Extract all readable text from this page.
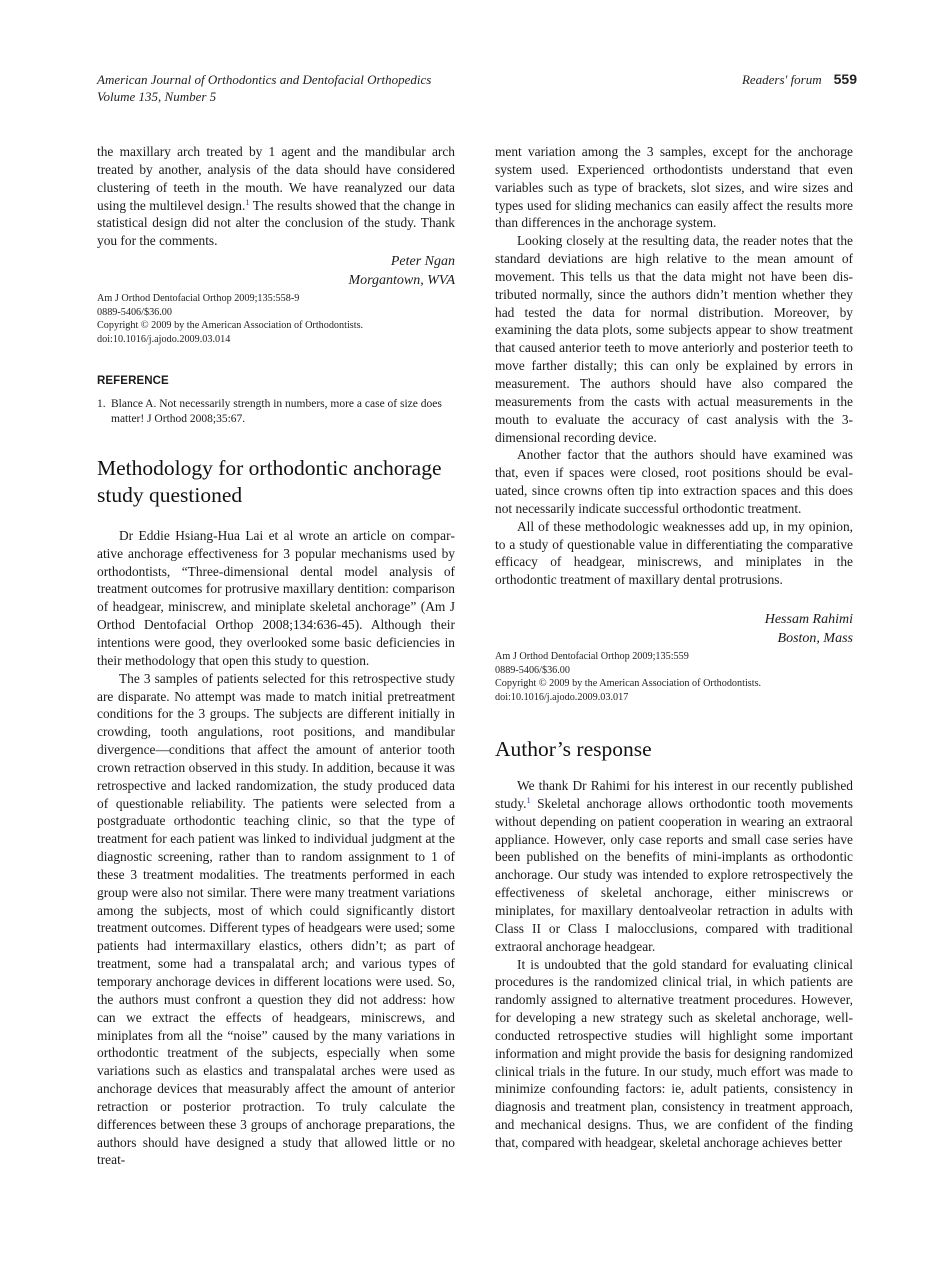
American Journal of Orthodontics and Dentofacial Orthopedics
Volume 135, Number 5
Readers' forum 559

the maxillary arch treated by 1 agent and the mandibular arch treated by another, analysis of the data should have considered clustering of teeth in the mouth. We have reanalyzed our data using the multilevel design.$^1$ The results showed that the change in statistical design did not alter the conclusion of the study. Thank you for the comments.

Peter Ngan
Morgantown, WVA
Am J Orthod Dentofacial Orthop 2009;135:558-9
0889-5406/$36.00
Copyright © 2009 by the American Association of Orthodontists.
doi:10.1016/j.ajodo.2009.03.014
REFERENCE
1. Blance A. Not necessarily strength in numbers, more a case of size does matter! J Orthod 2008;35:67.
Methodology for orthodontic anchorage study questioned

Dr Eddie Hsiang-Hua Lai et al wrote an article on comparative anchorage effectiveness for 3 popular mechanisms used by orthodontists, “Three-dimensional dental model analysis of treatment outcomes for protrusive maxillary dentition: comparison of headgear, miniscrew, and miniplate skeletal anchorage” (Am J Orthod Dentofacial Orthop 2008;134:636-45). Although their intentions were good, they overlooked some basic deficiencies in their methodology that open this study to question.

The 3 samples of patients selected for this retrospective study are disparate. No attempt was made to match initial pretreatment conditions for the 3 groups. The subjects are different initially in crowding, tooth angulations, root positions, and mandibular divergence—conditions that affect the amount of anterior tooth crown retraction observed in this study. In addition, because it was retrospective and lacked randomization, the study produced data of questionable reliability. The patients were selected from a postgraduate orthodontic teaching clinic, so that the type of treatment for each patient was linked to individual judgment at the diagnostic screening, rather than to random assignment to 1 of these 3 treatment modalities. The treatments performed in each group were also not similar. There were many treatment variations among the subjects, most of which could significantly distort treatment outcomes. Different types of headgears were used; some patients had intermaxillary elastics, others didn’t; as part of treatment, some had a transpalatal arch; and various types of temporary anchorage devices in different locations were used. So, the authors must confront a question they did not address: how can we extract the effects of headgears, miniscrews, and miniplates from all the “noise” caused by the many variations in orthodontic treatment of the subjects, especially when some variations such as elastics and transpalatal arches were used as anchorage devices that measurably affect the amount of anterior retraction or posterior protraction. To truly calculate the differences between these 3 groups of anchorage preparations, the authors should have designed a study that allowed little or no treat-

ment variation among the 3 samples, except for the anchorage system used. Experienced orthodontists understand that even variables such as type of brackets, slot sizes, and wire sizes and types used for sliding mechanics can easily affect the results more than differences in the anchorage system.

Looking closely at the resulting data, the reader notes that the standard deviations are high relative to the mean amount of movement. This tells us that the data might not have been distributed normally, since the authors didn’t mention whether they had tested the data for normal distribution. Moreover, by examining the data plots, some subjects appear to show treatment that caused anterior teeth to move anteriorly and posterior teeth to move farther distally; this can only be explained by errors in measurement. The authors should have also compared the measurements from the casts with actual measurements in the mouth to evaluate the accuracy of cast analysis with the 3-dimensional recording device.

Another factor that the authors should have examined was that, even if spaces were closed, root positions should be evaluated, since crowns often tip into extraction spaces and this does not necessarily indicate successful orthodontic treatment.

All of these methodologic weaknesses add up, in my opinion, to a study of questionable value in differentiating the comparative efficacy of headgear, miniscrews, and miniplates in the orthodontic treatment of maxillary dental protrusions.

Hessam Rahimi
Boston, Mass
Am J Orthod Dentofacial Orthop 2009;135:559
0889-5406/$36.00
Copyright © 2009 by the American Association of Orthodontists.
doi:10.1016/j.ajodo.2009.03.017
Author’s response

We thank Dr Rahimi for his interest in our recently published study.$^1$ Skeletal anchorage allows orthodontic tooth movements without depending on patient cooperation in wearing an extraoral appliance. However, only case reports and small case series have been published on the benefits of mini-implants as orthodontic anchorage. Our study was intended to explore retrospectively the effectiveness of skeletal anchorage, either miniscrews or miniplates, for maxillary dentoalveolar retraction in adults with Class II or Class I malocclusions, compared with traditional extraoral anchorage headgear.

It is undoubted that the gold standard for evaluating clinical procedures is the randomized clinical trial, in which patients are randomly assigned to alternative treatment procedures. However, for developing a new strategy such as skeletal anchorage, well-conducted retrospective studies will highlight some important information and might provide the basis for designing randomized clinical trials in the future. In our study, much effort was made to minimize confounding factors: ie, adult patients, consistency in diagnosis and treatment plan, consistency in treatment approach, and mechanical designs. Thus, we are confident of the finding that, compared with headgear, skeletal anchorage achieves better
